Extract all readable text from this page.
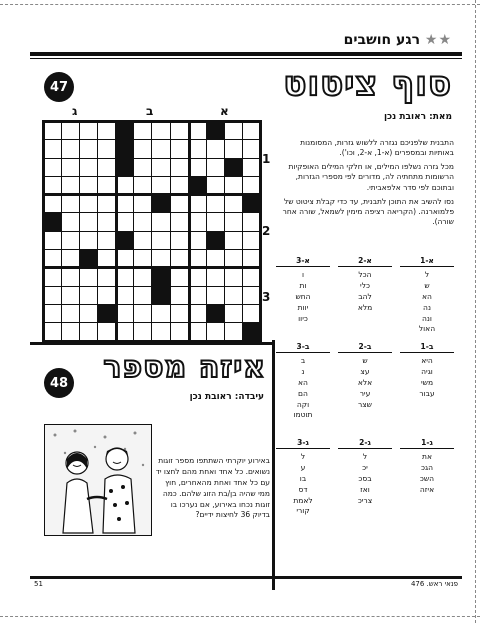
★★ רגע חושבים
47	סוף ציטוט
מאת: ראובת נכן
א
ב
ג

1
2
3

התבנית שלפניכם נגזרה ללשוש גזרות, המסומנות באותיות ובמספרים (א-1, א-2, וכו').

מכל גזרה נשלפו המילים, או חלקי המילים האופקיות הרשומות מתחתיה לה, מדורים לפי מספרי הגזרות, ובתוכם לפי סדר אלפאביתי.

נסו להשיב את התוכן לתבנית, עד כדי קבלת ציטוט של פלמוארנה. (הקריאה רציפה מימין לשמאל, שורה אחר שורה).

א-1
ל
ש
הא
נה
ונה
האול
א-2
הכל
כלי
להב
מלא
א-3
ו
ות
החש
יוות
כיוו
ב-1
היא
וגיה
משי
עבור
ב-2
ש
עצ
אלא
עיר
שצר
ב-3
ב
נ
הא
הם
וקה
תוטמו
ג-1
את
הגכ
השכ
איזה
ג-2
ל
יכ
בסכ
ואז
צריכ
ג-3
ל
ע
בו
דס
לאמת
קורי
48 איזה מספר
עיבדה: ראובת נכן
באירוע יוקרתי השתתפו מספר זוגות נשואים. כל אחד ואחת מהם לחצו יד עם כל אחד ואחת מהאחרים, חוץ ממי שהיה בן/בת הזוג שלהם. כמה זוגות נכחו באירוע, אם נערכו בו בדיוק 36 לחיצות ידיים?
51	פנאי ראש. 476
